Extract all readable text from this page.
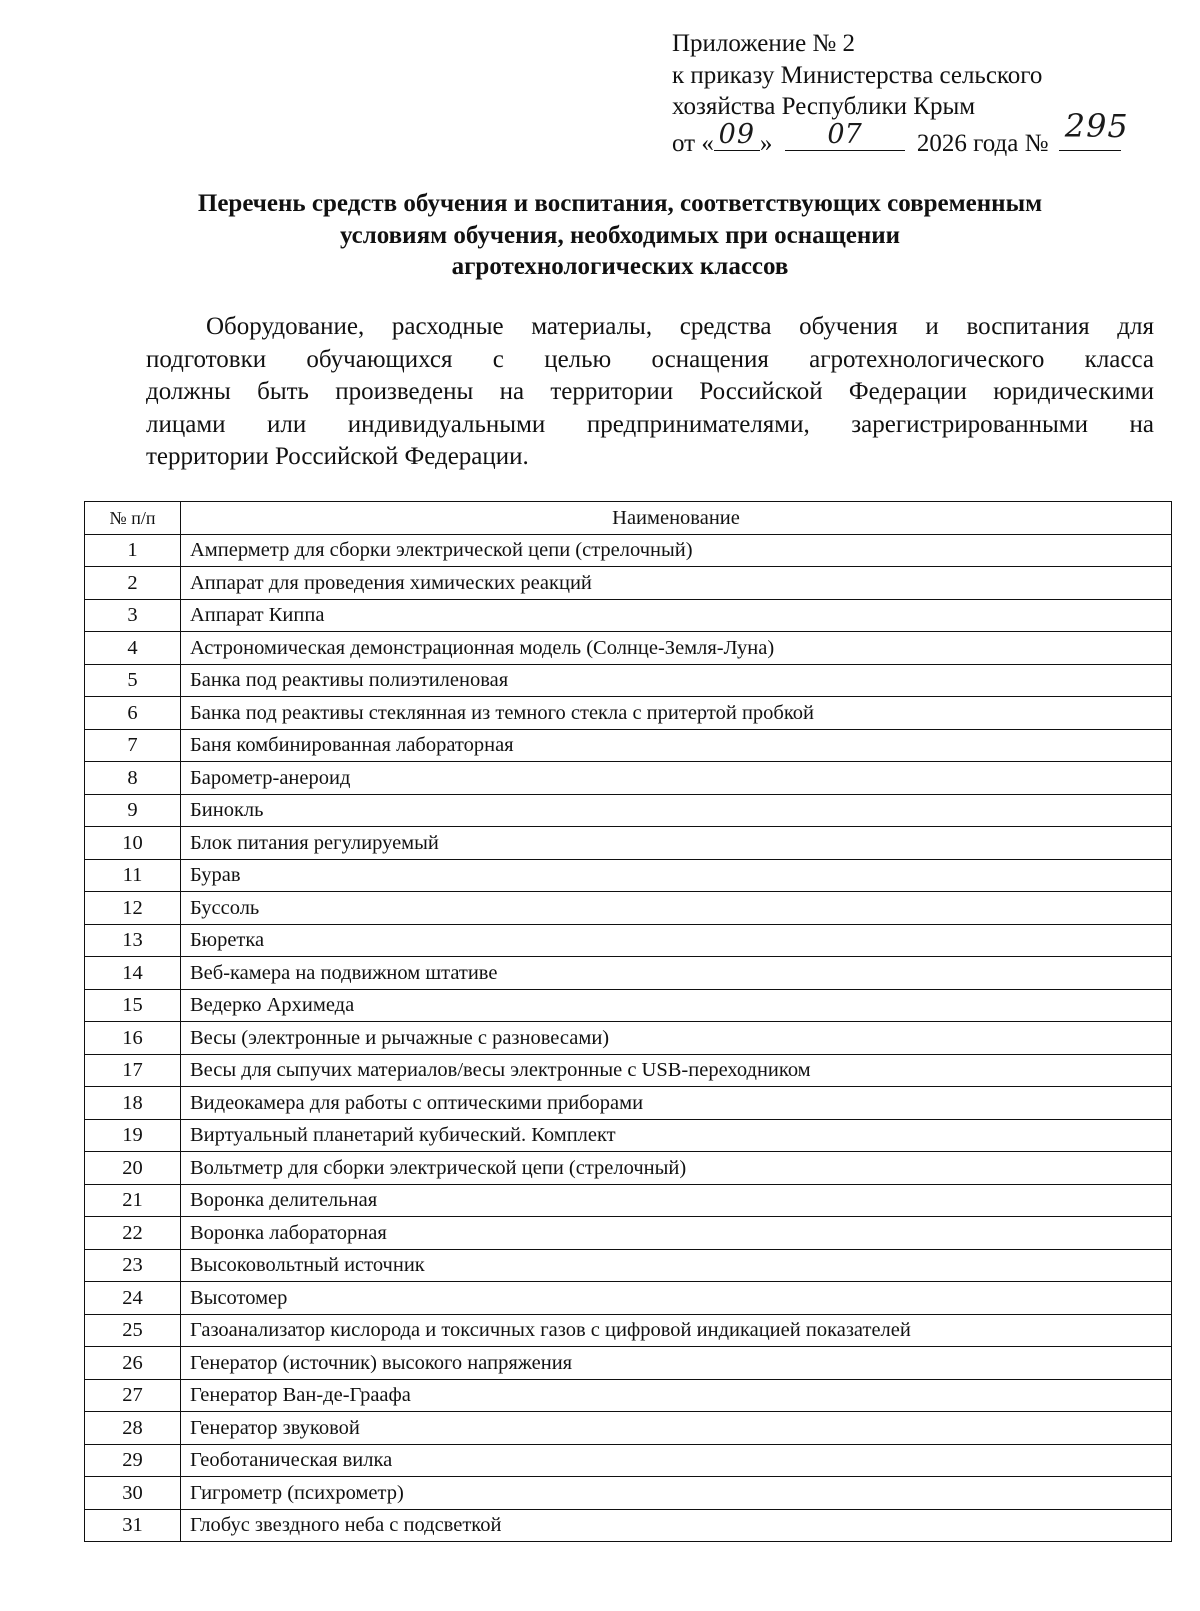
Приложение № 2
к приказу Министерства сельского
хозяйства Республики Крым
от « 09 »	07	2026 года № 295
Перечень средств обучения и воспитания, соответствующих современным
условиям обучения, необходимых при оснащении
агротехнологических классов
Оборудование, расходные материалы, средства обучения и воспитания для
подготовки обучающихся с целью оснащения агротехнологического класса
должны быть произведены на территории Российской Федерации юридическими
лицами или индивидуальными предпринимателями, зарегистрированными на
территории Российской Федерации.
№ п/п	Наименование
1	Амперметр для сборки электрической цепи (стрелочный)
2	Аппарат для проведения химических реакций
3	Аппарат Киппа
4	Астрономическая демонстрационная модель (Солнце-Земля-Луна)
5	Банка под реактивы полиэтиленовая
6	Банка под реактивы стеклянная из темного стекла с притертой пробкой
7	Баня комбинированная лабораторная
8	Барометр-анероид
9	Бинокль
10	Блок питания регулируемый
11	Бурав
12	Буссоль
13	Бюретка
14	Веб-камера на подвижном штативе
15	Ведерко Архимеда
16	Весы (электронные и рычажные с разновесами)
17	Весы для сыпучих материалов/весы электронные с USB-переходником
18	Видеокамера для работы с оптическими приборами
19	Виртуальный планетарий кубический. Комплект
20	Вольтметр для сборки электрической цепи (стрелочный)
21	Воронка делительная
22	Воронка лабораторная
23	Высоковольтный источник
24	Высотомер
25	Газоанализатор кислорода и токсичных газов с цифровой индикацией показателей
26	Генератор (источник) высокого напряжения
27	Генератор Ван-де-Граафа
28	Генератор звуковой
29	Геоботаническая вилка
30	Гигрометр (психрометр)
31	Глобус звездного неба с подсветкой
